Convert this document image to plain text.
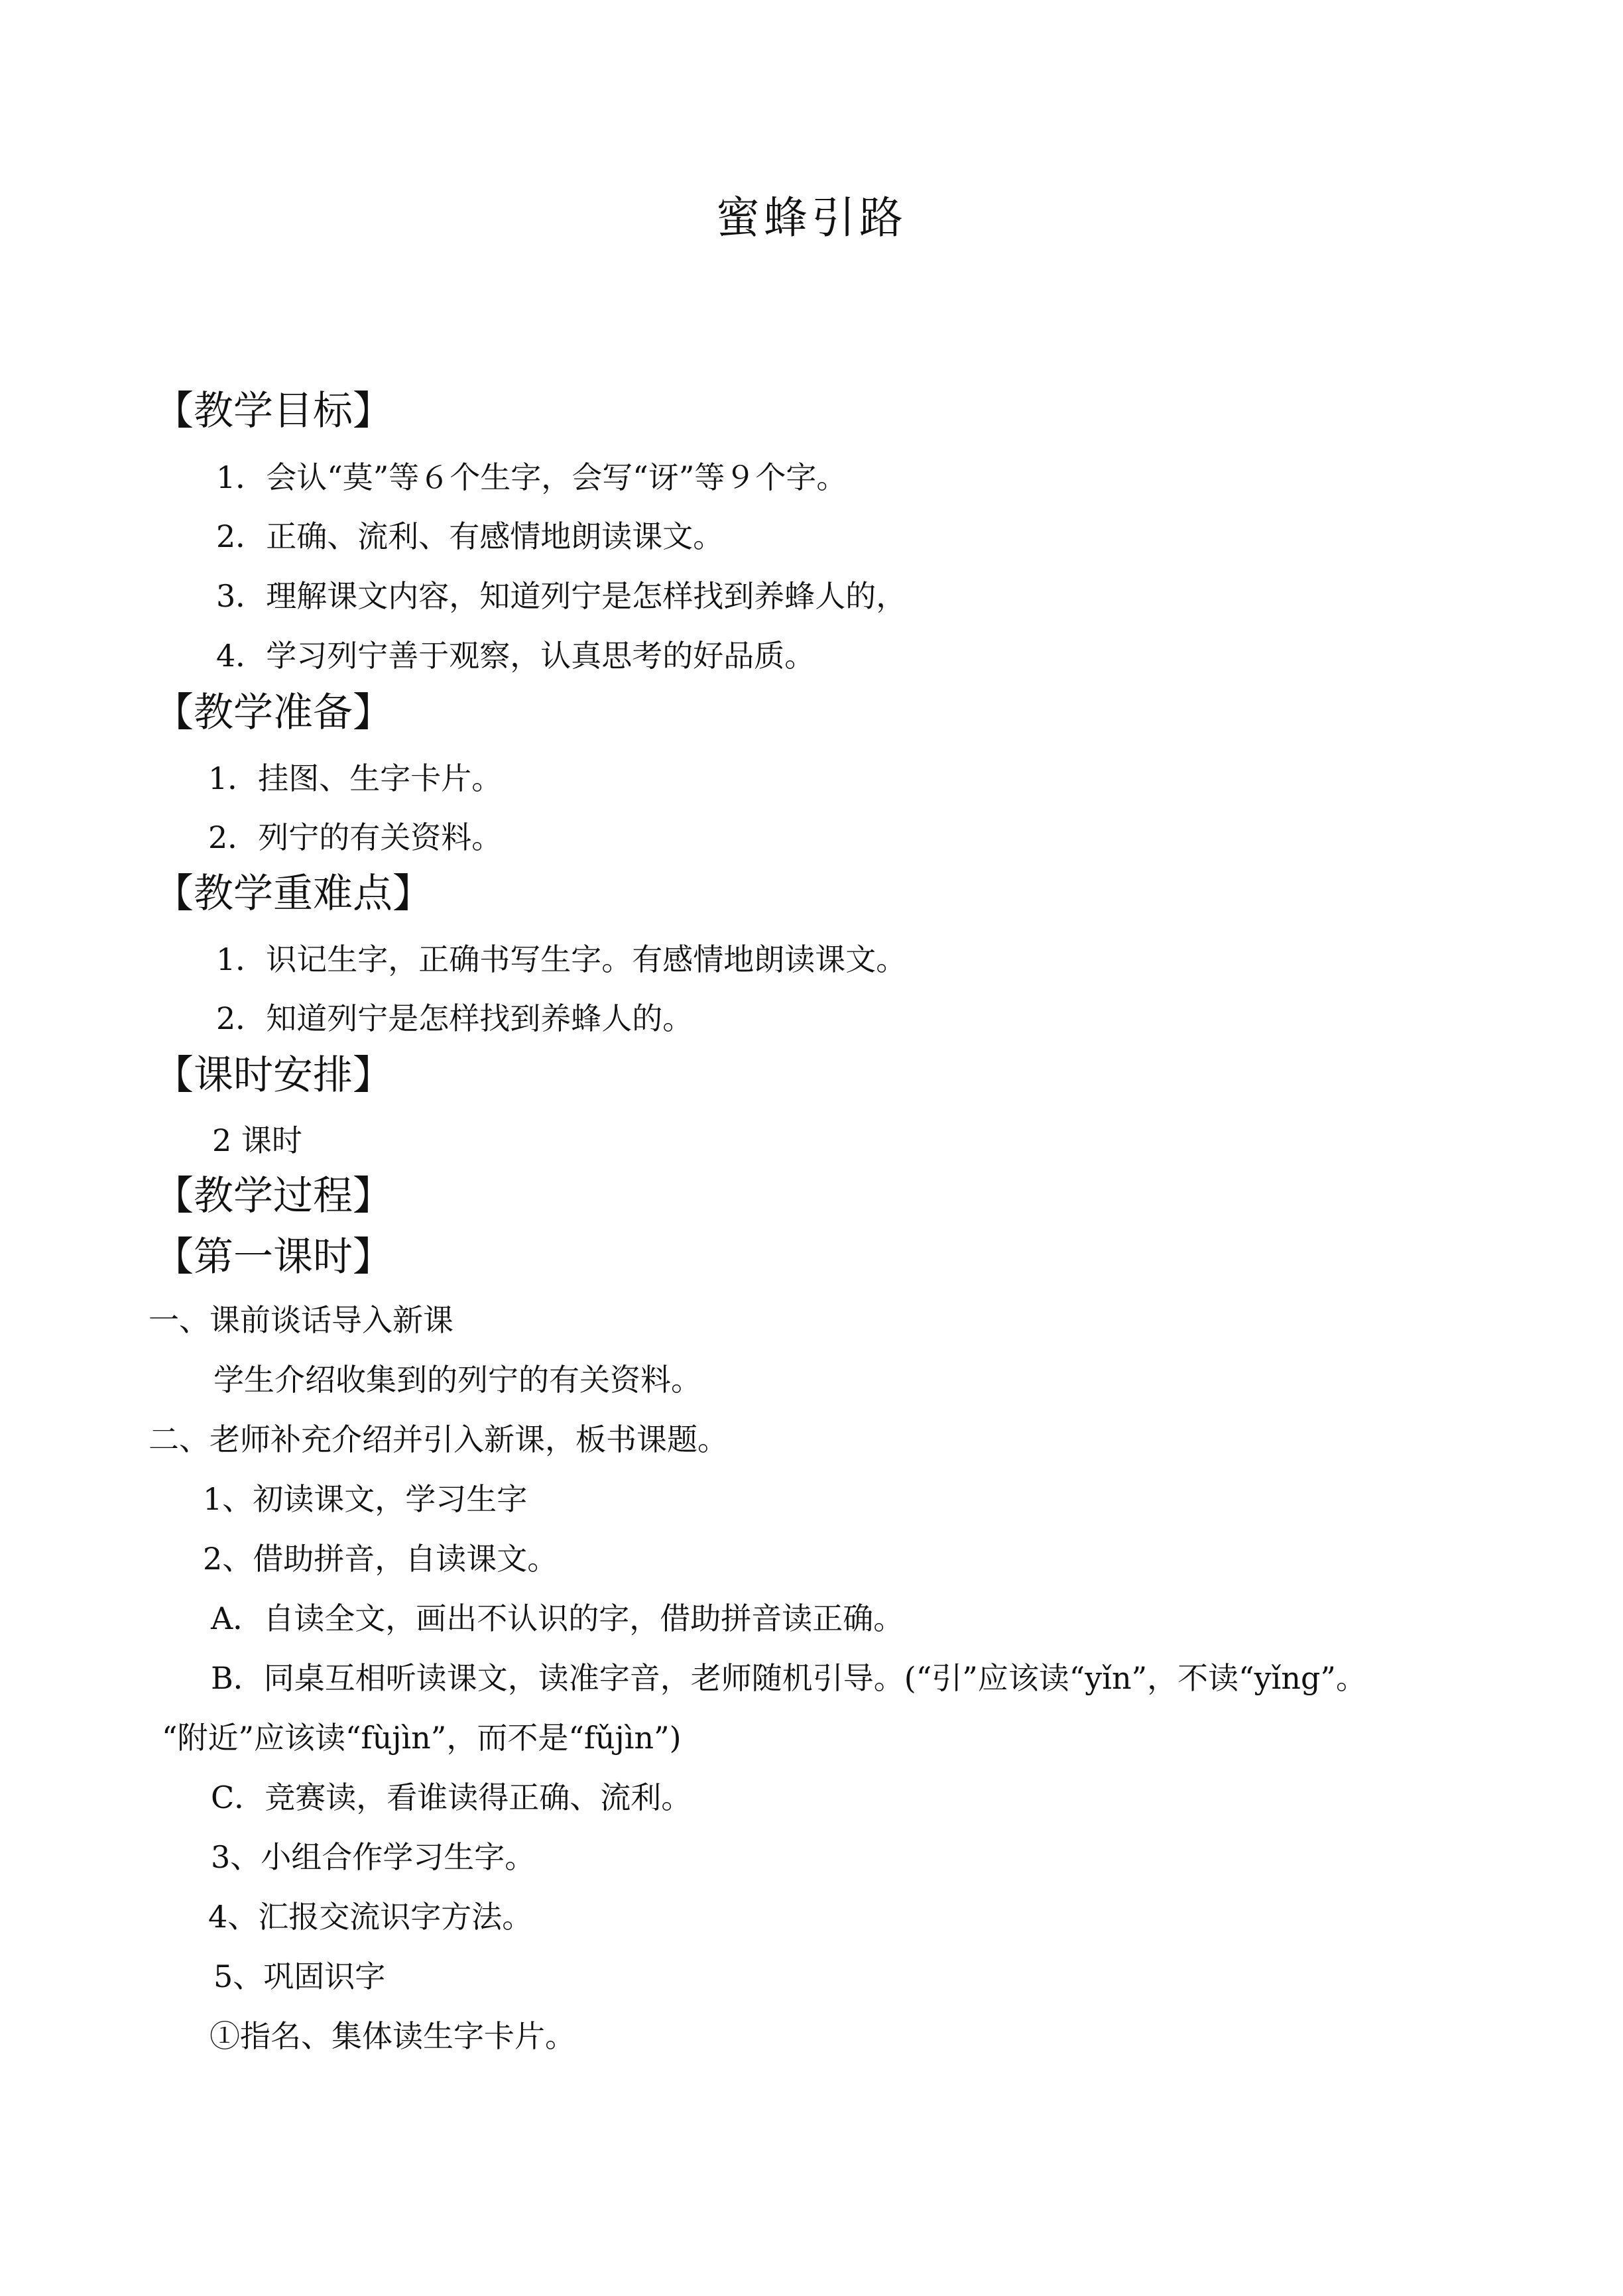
蜜蜂引路
【教学目标】
1．会认“莫”等６个生字，会写“讶”等９个字。
2．正确、流利、有感情地朗读课文。
3．理解课文内容，知道列宁是怎样找到养蜂人的，
4．学习列宁善于观察，认真思考的好品质。
【教学准备】
1．挂图、生字卡片。
2．列宁的有关资料。
【教学重难点】
1．识记生字，正确书写生字。有感情地朗读课文。
2．知道列宁是怎样找到养蜂人的。
【课时安排】
2 课时
【教学过程】
【第一课时】
一、课前谈话导入新课
学生介绍收集到的列宁的有关资料。
二、老师补充介绍并引入新课，板书课题。
1、初读课文，学习生字
2、借助拼音，自读课文。
A．自读全文，画出不认识的字，借助拼音读正确。
B．同桌互相听读课文，读准字音，老师随机引导。(“引”应该读“yǐn”，不读“yǐng”。
“附近”应该读“fùjìn”，而不是“fǔjìn”)
C．竞赛读，看谁读得正确、流利。
3、小组合作学习生字。
4、汇报交流识字方法。
5、巩固识字
①指名、集体读生字卡片。
